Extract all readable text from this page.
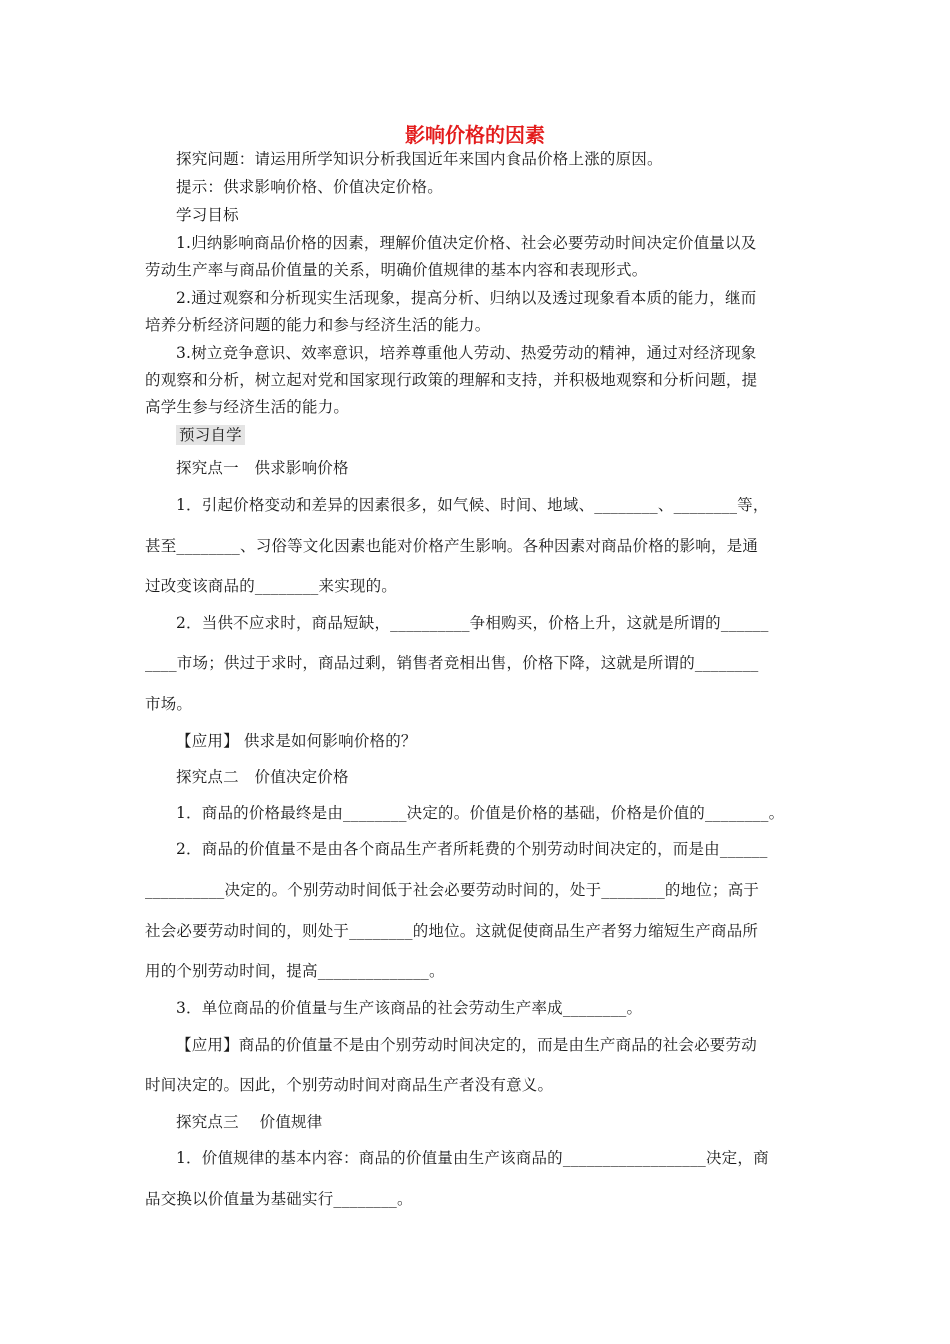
影响价格的因素
探究问题：请运用所学知识分析我国近年来国内食品价格上涨的原因。
提示：供求影响价格、价值决定价格。
学习目标
1.归纳影响商品价格的因素，理解价值决定价格、社会必要劳动时间决定价值量以及
劳动生产率与商品价值量的关系，明确价值规律的基本内容和表现形式。
2.通过观察和分析现实生活现象，提高分析、归纳以及透过现象看本质的能力，继而
培养分析经济问题的能力和参与经济生活的能力。
3.树立竞争意识、效率意识，培养尊重他人劳动、热爱劳动的精神，通过对经济现象
的观察和分析，树立起对党和国家现行政策的理解和支持，并积极地观察和分析问题，提
高学生参与经济生活的能力。
预习自学
探究点一　供求影响价格
1．引起价格变动和差异的因素很多，如气候、时间、地域、________、________等，
甚至________、习俗等文化因素也能对价格产生影响。各种因素对商品价格的影响，是通
过改变该商品的________来实现的。
2．当供不应求时，商品短缺，__________争相购买，价格上升，这就是所谓的______
____市场；供过于求时，商品过剩，销售者竞相出售，价格下降，这就是所谓的________
市场。
【应用】 供求是如何影响价格的？
探究点二　价值决定价格
1．商品的价格最终是由________决定的。价值是价格的基础，价格是价值的________。
2．商品的价值量不是由各个商品生产者所耗费的个别劳动时间决定的，而是由______
__________决定的。个别劳动时间低于社会必要劳动时间的，处于________的地位；高于
社会必要劳动时间的，则处于________的地位。这就促使商品生产者努力缩短生产商品所
用的个别劳动时间，提高______________。
3．单位商品的价值量与生产该商品的社会劳动生产率成________。
【应用】商品的价值量不是由个别劳动时间决定的，而是由生产商品的社会必要劳动
时间决定的。因此，个别劳动时间对商品生产者没有意义。
探究点三　 价值规律
1．价值规律的基本内容：商品的价值量由生产该商品的__________________决定，商
品交换以价值量为基础实行________。
